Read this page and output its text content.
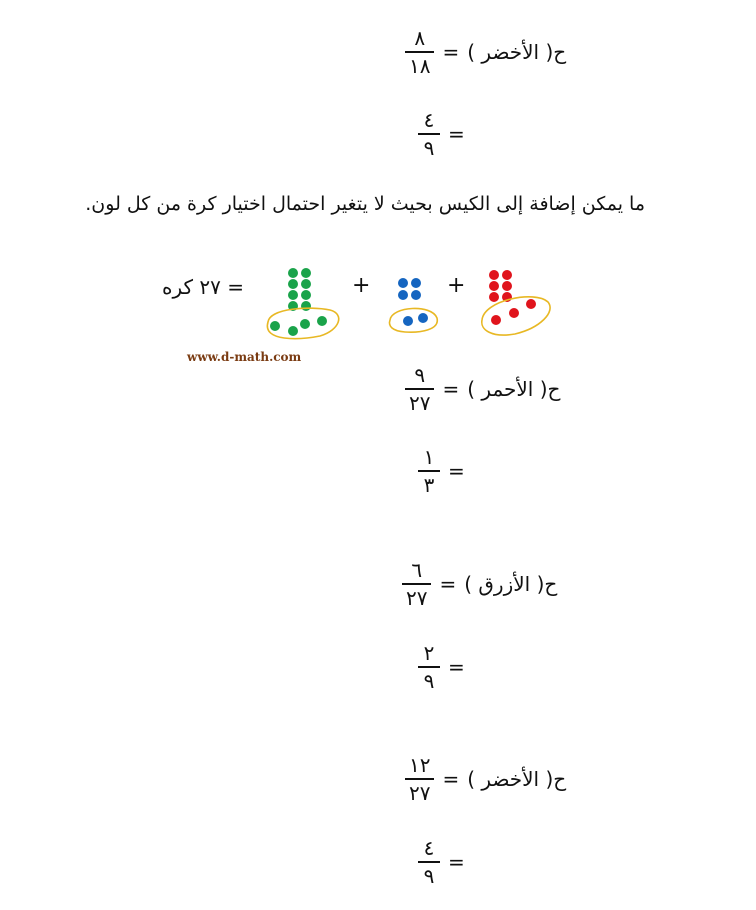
$\frac{٨}{١٨}$ = ح( الأخضر )
$\frac{٤}{٩}$ =
ما يمكن إضافة إلى الكيس بحيث لا يتغير احتمال اختيار كرة من كل لون.
= ٢٧ كره	+	+
www.d-math.com
$\frac{٩}{٢٧}$ = ح( الأحمر )
$\frac{١}{٣}$ =
$\frac{٦}{٢٧}$ = ح( الأزرق )
$\frac{٢}{٩}$ =
$\frac{١٢}{٢٧}$ = ح( الأخضر )
$\frac{٤}{٩}$ =
